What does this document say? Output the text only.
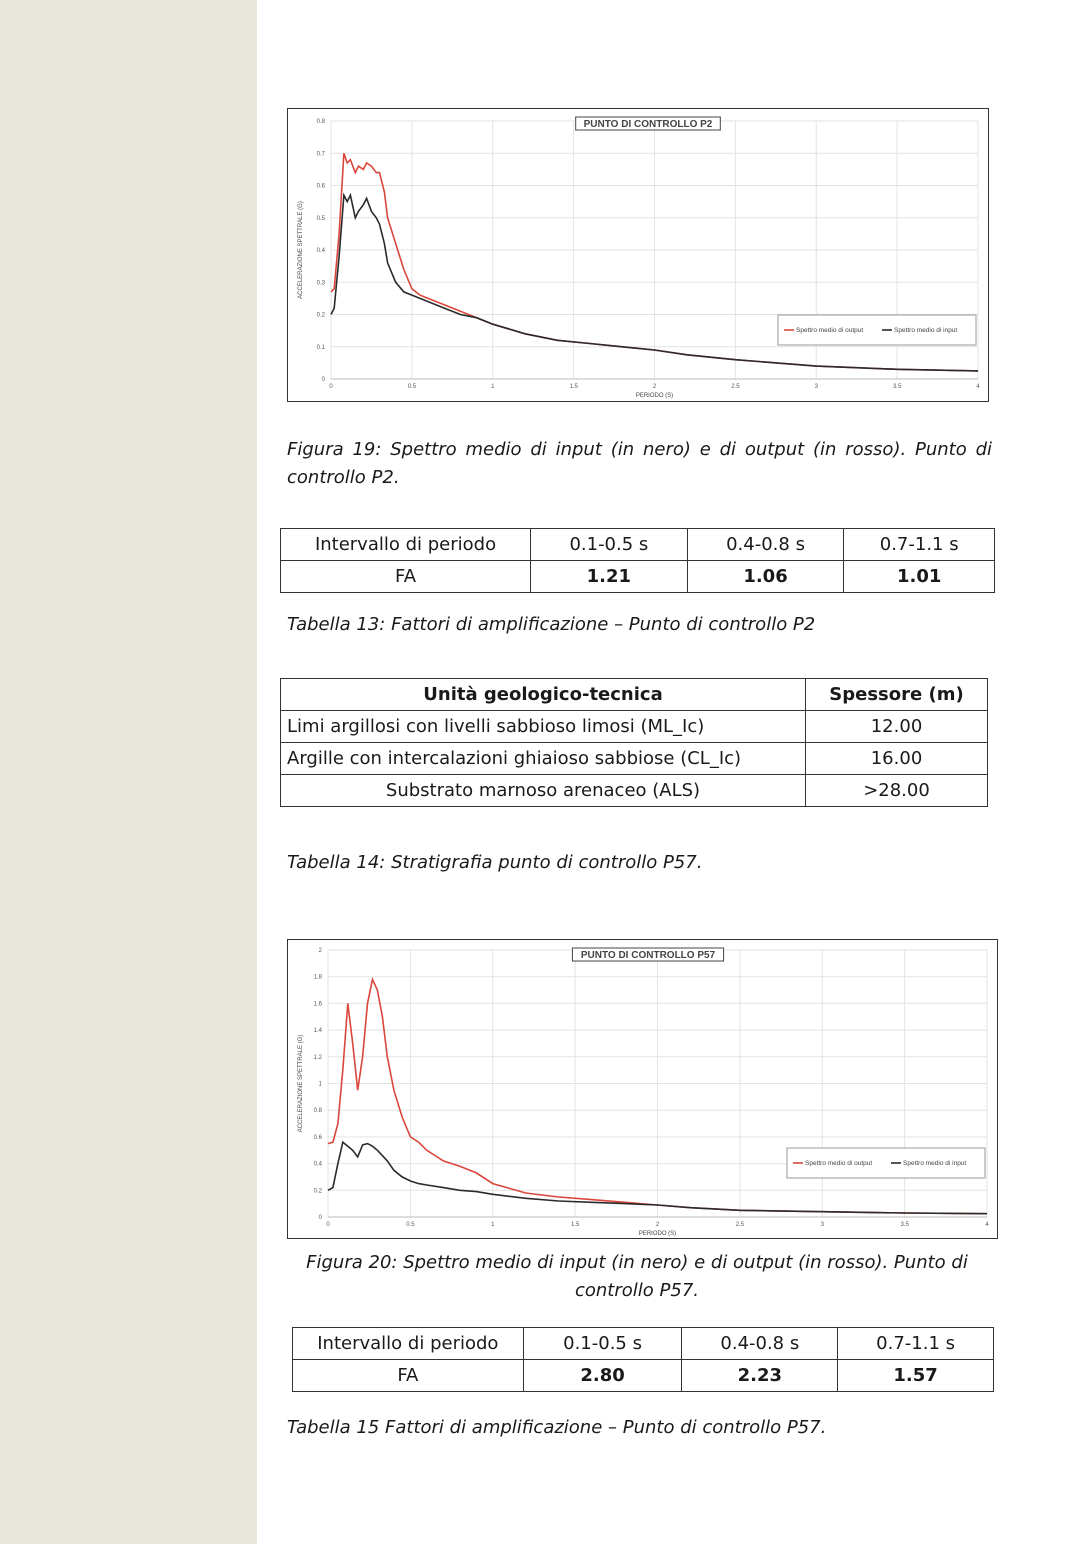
0
0.1
0.2
0.3
0.4
0.5
0.6
0.7
0.8
0	0.5	1	1.5	2	2.5	3	3.5	4
PERIODO (S)
ACCELERAZIONE SPETTRALE (G)
PUNTO DI CONTROLLO P2
Spettro medio di output	Spettro medio di input
Figura 19: Spettro medio di input (in nero) e di output (in rosso). Punto di controllo P2.
Intervallo di periodo	0.1-0.5 s	0.4-0.8 s	0.7-1.1 s
FA	1.21	1.06	1.01
Tabella 13: Fattori di amplificazione – Punto di controllo P2
Unità geologico-tecnica	Spessore (m)
Limi argillosi con livelli sabbioso limosi (ML_Ic)	12.00
Argille con intercalazioni ghiaioso sabbiose (CL_Ic)	16.00
Substrato marnoso arenaceo (ALS)	>28.00
Tabella 14: Stratigrafia punto di controllo P57.
0
0.2
0.4
0.6
0.8
1
1.2
1.4
1.6
1.8
2
0	0.5	1	1.5	2	2.5	3	3.5	4
PERIODO (S)
ACCELERAZIONE SPETTRALE (G)
PUNTO DI CONTROLLO P57
Spettro medio di output	Spettro medio di input
Figura 20: Spettro medio di input (in nero) e di output (in rosso). Punto di controllo P57.
Intervallo di periodo	0.1-0.5 s	0.4-0.8 s	0.7-1.1 s
FA	2.80	2.23	1.57
Tabella 15 Fattori di amplificazione – Punto di controllo P57.
